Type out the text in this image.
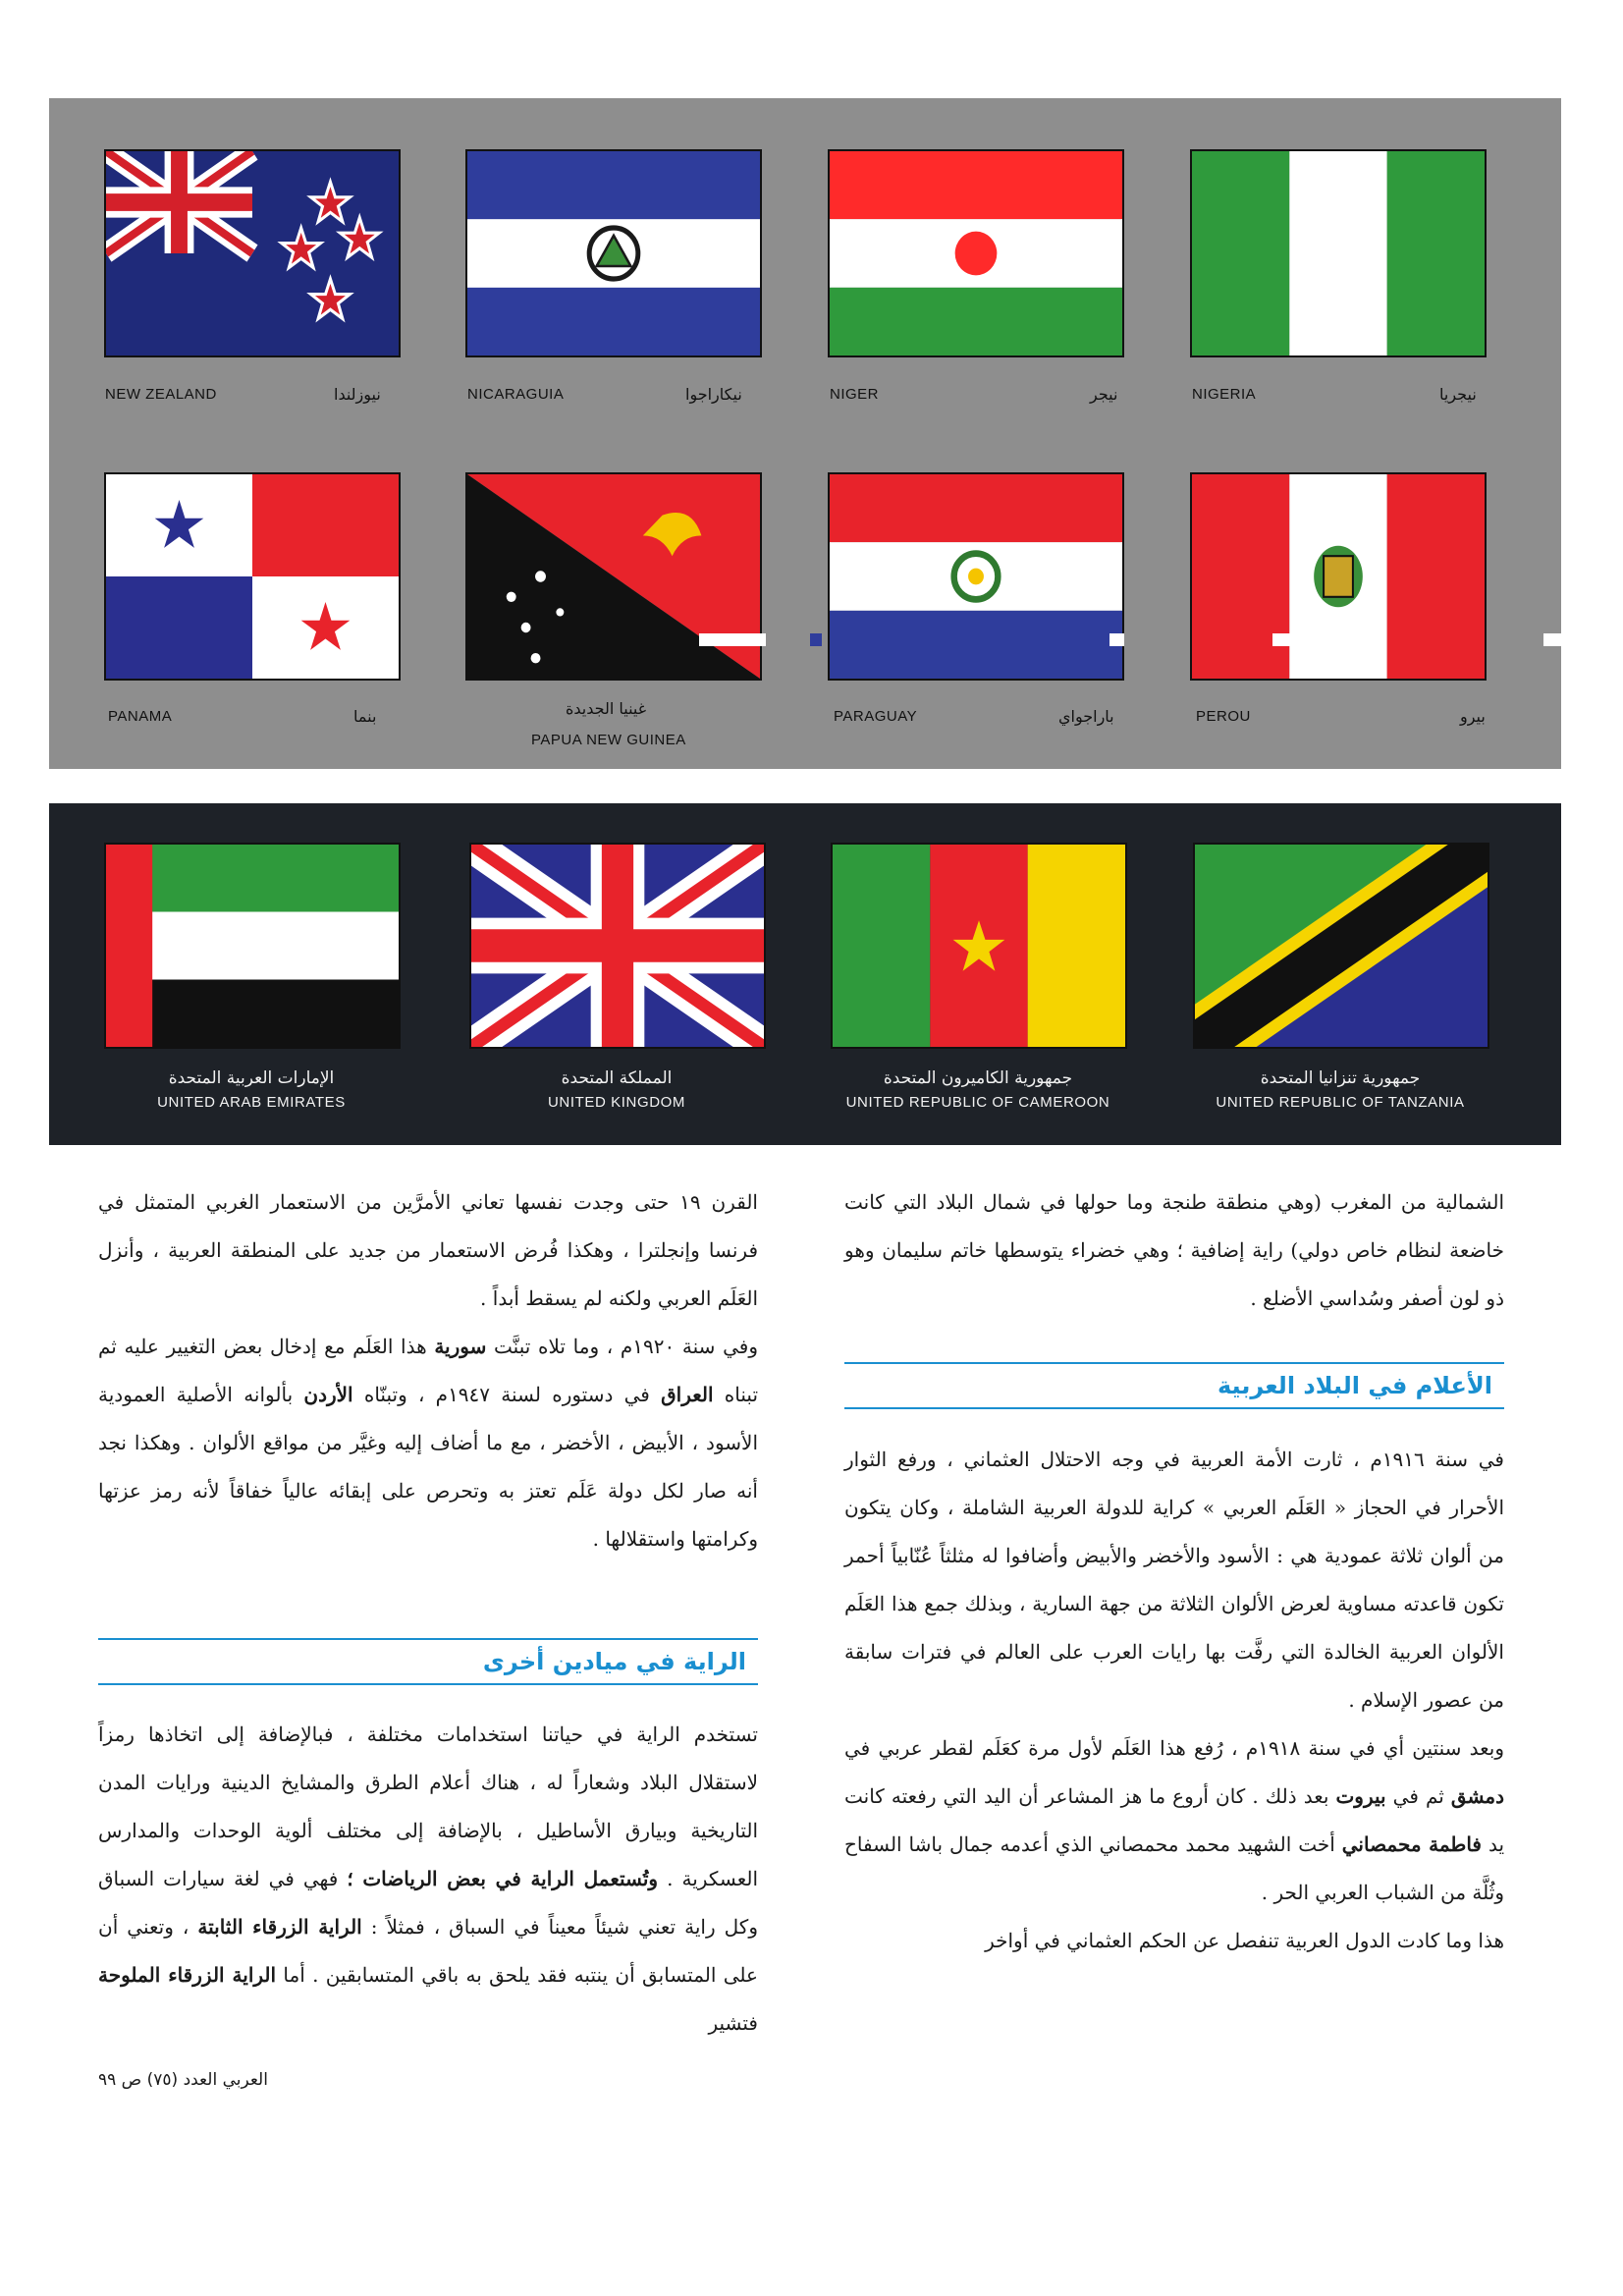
NEW ZEALAND	نيوزلندا	NICARAGUIA	نيكاراجوا	NIGER	نيجر	NIGERIA	نيجريا
PANAMA	بنما	غينيا الجديدة
PAPUA NEW GUINEA
PARAGUAY	باراجواي	PEROU	بيرو
الإمارات العربية المتحدة
UNITED ARAB EMIRATES
المملكة المتحدة
UNITED KINGDOM
جمهورية الكاميرون المتحدة
UNITED REPUBLIC OF CAMEROON
جمهورية تنزانيا المتحدة
UNITED REPUBLIC OF TANZANIA

الشمالية من المغرب (وهي منطقة طنجة وما حولها في شمال البلاد التي كانت خاضعة لنظام خاص دولي) راية إضافية ؛ وهي خضراء يتوسطها خاتم سليمان وهو ذو لون أصفر وسُداسي الأضلع .

الأعلام في البلاد العربية

في سنة ١٩١٦م ، ثارت الأمة العربية في وجه الاحتلال العثماني ، ورفع الثوار الأحرار في الحجاز « العَلَم العربي » كراية للدولة العربية الشاملة ، وكان يتكون من ألوان ثلاثة عمودية هي : الأسود والأخضر والأبيض وأضافوا له مثلثاً عُنّابياً أحمر تكون قاعدته مساوية لعرض الألوان الثلاثة من جهة السارية ، وبذلك جمع هذا العَلَم الألوان العربية الخالدة التي رفَّت بها رايات العرب على العالم في فترات سابقة من عصور الإسلام .

وبعد سنتين أي في سنة ١٩١٨م ، رُفع هذا العَلَم لأول مرة كعَلَم لقطر عربي في دمشق ثم في بيروت بعد ذلك . كان أروع ما هز المشاعر أن اليد التي رفعته كانت يد فاطمة محمصاني أخت الشهيد محمد محمصاني الذي أعدمه جمال باشا السفاح وثُلَّة من الشباب العربي الحر .

هذا وما كادت الدول العربية تنفصل عن الحكم العثماني في أواخر

القرن ١٩ حتى وجدت نفسها تعاني الأمرَّين من الاستعمار الغربي المتمثل في فرنسا وإنجلترا ، وهكذا فُرض الاستعمار من جديد على المنطقة العربية ، وأنزل العَلَم العربي ولكنه لم يسقط أبداً .

وفي سنة ١٩٢٠م ، وما تلاه تبنَّت سورية هذا العَلَم مع إدخال بعض التغيير عليه ثم تبناه العراق في دستوره لسنة ١٩٤٧م ، وتبنّاه الأردن بألوانه الأصلية العمودية الأسود ، الأبيض ، الأخضر ، مع ما أضاف إليه وغيَّر من مواقع الألوان . وهكذا نجد أنه صار لكل دولة عَلَم تعتز به وتحرص على إبقائه عالياً خفاقاً لأنه رمز عزتها وكرامتها واستقلالها .

الراية في ميادين أخرى

تستخدم الراية في حياتنا استخدامات مختلفة ، فبالإضافة إلى اتخاذها رمزاً لاستقلال البلاد وشعاراً له ، هناك أعلام الطرق والمشايخ الدينية ورايات المدن التاريخية وبيارق الأساطيل ، بالإضافة إلى مختلف ألوية الوحدات والمدارس العسكرية . وتُستعمل الراية في بعض الرياضات ؛ فهي في لغة سيارات السباق وكل راية تعني شيئاً معيناً في السباق ، فمثلاً : الراية الزرقاء الثابتة ، وتعني أن على المتسابق أن ينتبه فقد يلحق به باقي المتسابقين . أما الراية الزرقاء الملوحة فتشير

العربي العدد (٧٥) ص ٩٩
